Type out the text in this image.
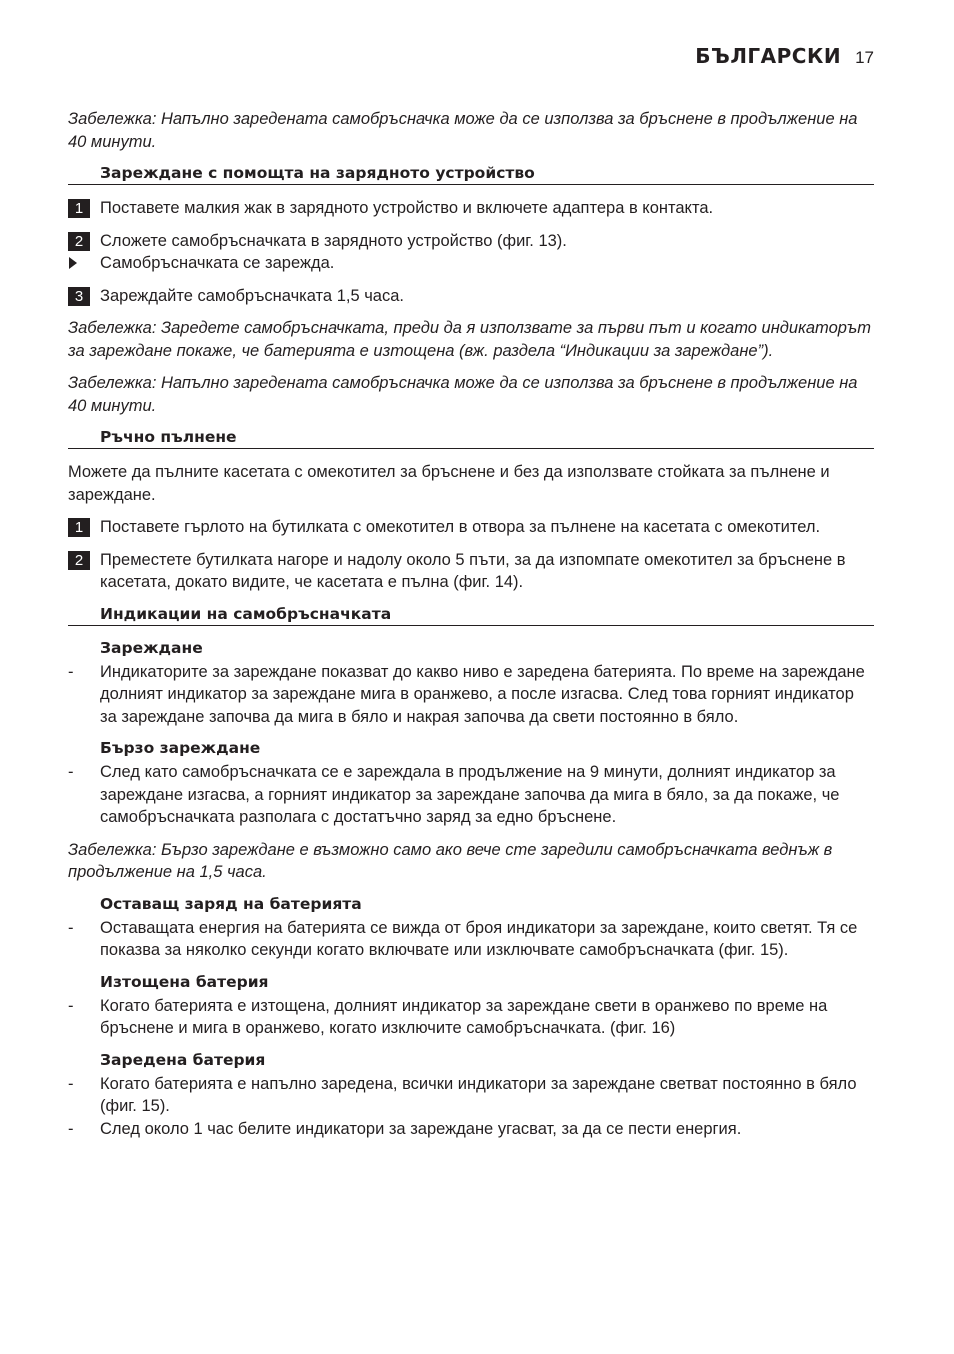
БЪЛГАРСКИ 17

Забележка: Напълно заредената самобръсначка може да се използва за бръснене в продължение на 40 минути.

Зареждане с помощта на зарядното устройство
1	Поставете малкия жак в зарядното устройство и включете адаптера в контакта.
2	Сложете самобръсначката в зарядното устройство (фиг. 13).
Самобръсначката се зарежда.
3	Зареждайте самобръсначката 1,5 часа.

Забележка: Заредете самобръсначката, преди да я използвате за първи път и когато индикаторът за зареждане покаже, че батерията е изтощена (вж. раздела “Индикации за зареждане”).

Забележка: Напълно заредената самобръсначка може да се използва за бръснене в продължение на 40 минути.

Ръчно пълнене

Можете да пълните касетата с омекотител за бръснене и без да използвате стойката за пълнене и зареждане.

1	Поставете гърлото на бутилката с омекотител в отвора за пълнене на касетата с омекотител.
2	Преместете бутилката нагоре и надолу около 5 пъти, за да изпомпате омекотител за бръснене в касетата, докато видите, че касетата е пълна (фиг. 14).
Индикации на самобръсначката
Зареждане
-	Индикаторите за зареждане показват до какво ниво е заредена батерията. По време на зареждане долният индикатор за зареждане мига в оранжево, а после изгасва. След това горният индикатор за зареждане започва да мига в бяло и накрая започва да свети постоянно в бяло.
Бързо зареждане
-	След като самобръсначката се е зареждала в продължение на 9 минути, долният индикатор за зареждане изгасва, а горният индикатор за зареждане започва да мига в бяло, за да покаже, че самобръсначката разполага с достатъчно заряд за едно бръснене.

Забележка: Бързо зареждане е възможно само ако вече сте заредили самобръсначката веднъж в продължение на 1,5 часа.

Оставащ заряд на батерията
-	Оставащата енергия на батерията се вижда от броя индикатори за зареждане, които светят. Тя се показва за няколко секунди когато включвате или изключвате самобръсначката (фиг. 15).
Изтощена батерия
-	Когато батерията е изтощена, долният индикатор за зареждане свети в оранжево по време на бръснене и мига в оранжево, когато изключите самобръсначката. (фиг. 16)
Заредена батерия
-	Когато батерията е напълно заредена, всички индикатори за зареждане светват постоянно в бяло (фиг. 15).
-	След около 1 час белите индикатори за зареждане угасват, за да се пести енергия.
